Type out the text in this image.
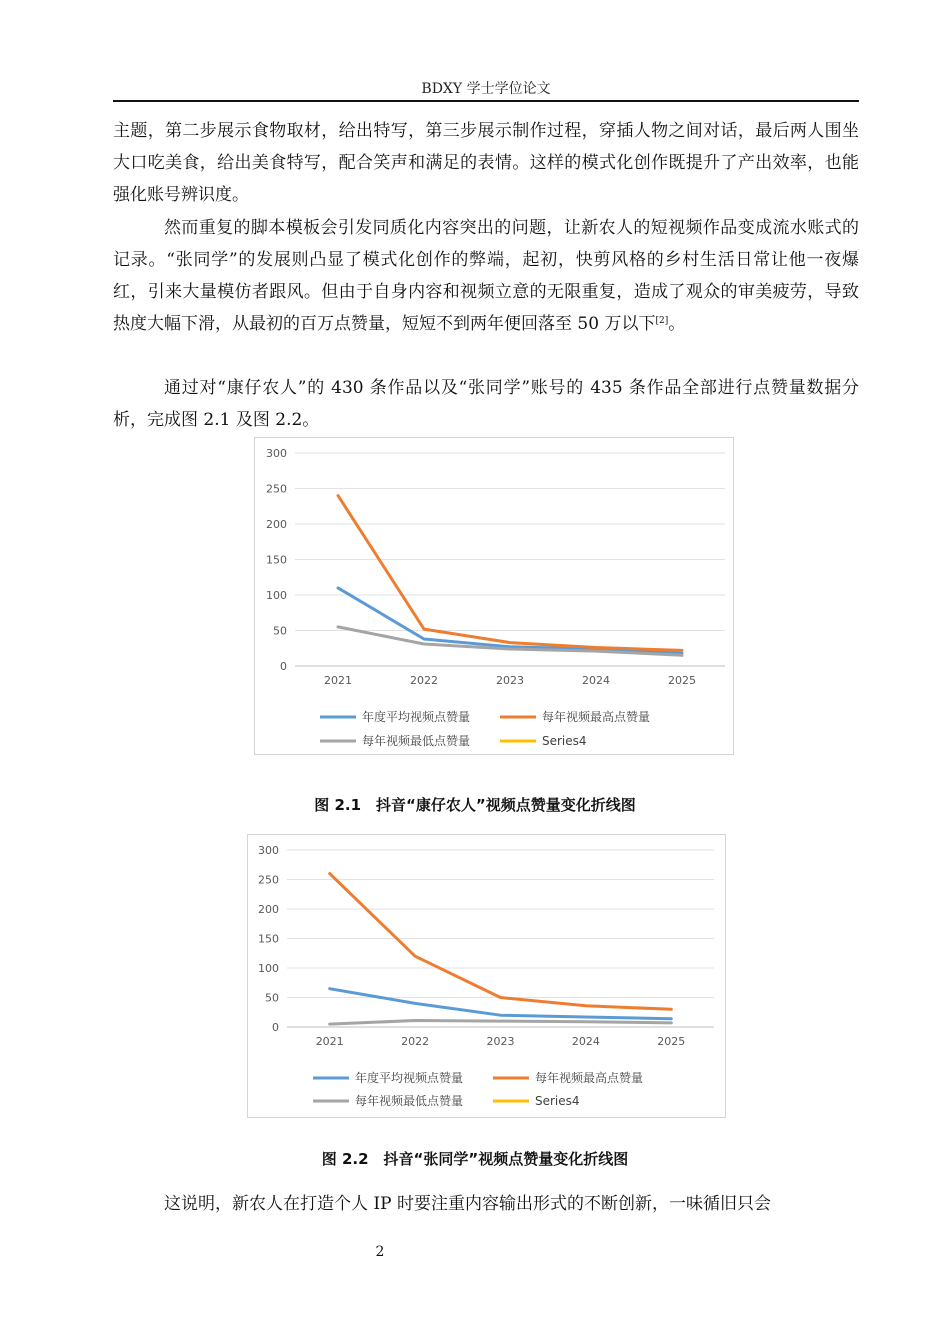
BDXY 学士学位论文

主题，第二步展示食物取材，给出特写，第三步展示制作过程，穿插人物之间对话，最后两人围坐大口吃美食，给出美食特写，配合笑声和满足的表情。这样的模式化创作既提升了产出效率，也能强化账号辨识度。

然而重复的脚本模板会引发同质化内容突出的问题，让新农人的短视频作品变成流水账式的记录。“张同学”的发展则凸显了模式化创作的弊端，起初，快剪风格的乡村生活日常让他一夜爆红，引来大量模仿者跟风。但由于自身内容和视频立意的无限重复，造成了观众的审美疲劳，导致热度大幅下滑，从最初的百万点赞量，短短不到两年便回落至 50 万以下[2]。

通过对“康仔农人”的 430 条作品以及“张同学”账号的 435 条作品全部进行点赞量数据分析，完成图 2.1 及图 2.2。

0
50
100
150
200
250
300
2021	2022	2023	2024	2025
年度平均视频点赞量	每年视频最高点赞量
每年视频最低点赞量	Series4
图 2.1　抖音“康仔农人”视频点赞量变化折线图
0
50
100
150
200
250
300
2021	2022	2023	2024	2025
年度平均视频点赞量	每年视频最高点赞量
每年视频最低点赞量	Series4
图 2.2　抖音“张同学”视频点赞量变化折线图

这说明，新农人在打造个人 IP 时要注重内容输出形式的不断创新，一味循旧只会

2
